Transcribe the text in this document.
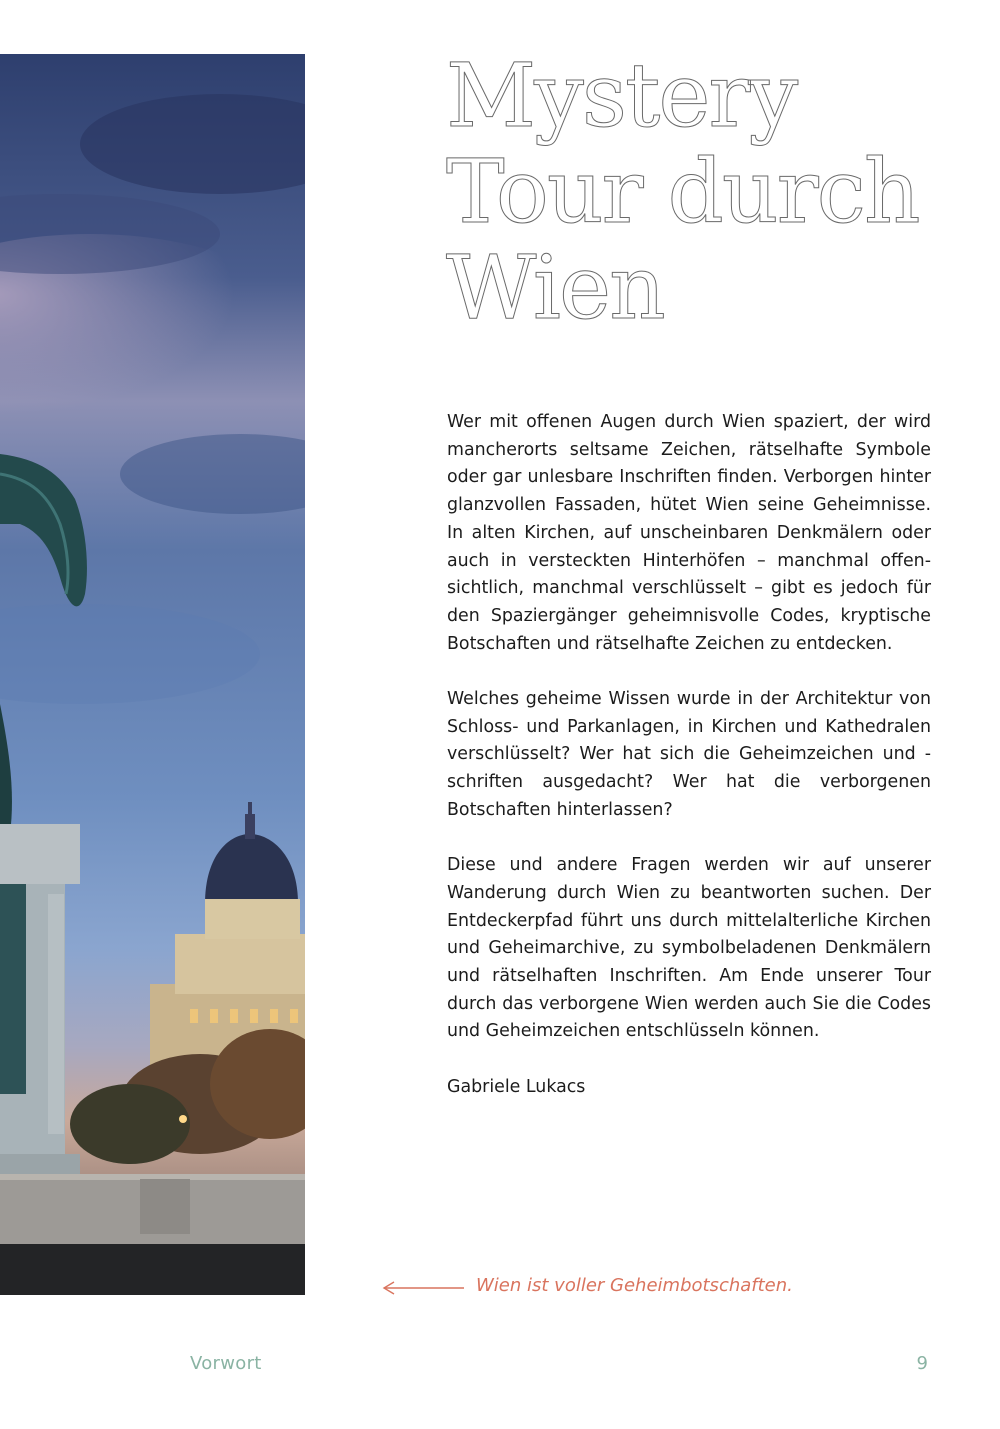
Mystery
Tour durch
Wien

Wer mit offenen Augen durch Wien spaziert, der wird mancherorts seltsame Zeichen, rätselhafte Symbole oder gar unlesbare Inschriften finden. Verborgen hinter glanzvollen Fassaden, hütet Wien seine Geheimnisse. In alten Kirchen, auf unscheinbaren Denkmälern oder auch in versteckten Hinterhöfen – manchmal offensichtlich, manchmal verschlüsselt – gibt es jedoch für den Spaziergänger geheimnisvolle Codes, kryptische Botschaften und rätselhafte Zeichen zu entdecken.

Welches geheime Wissen wurde in der Architektur von Schloss- und Parkanlagen, in Kirchen und Kathedralen verschlüsselt? Wer hat sich die Geheimzeichen und -schriften ausgedacht? Wer hat die verborgenen Botschaften hinterlassen?

Diese und andere Fragen werden wir auf unserer Wanderung durch Wien zu beantworten suchen. Der Entdeckerpfad führt uns durch mittelalterliche Kirchen und Geheimarchive, zu symbolbeladenen Denkmälern und rätselhaften Inschriften. Am Ende unserer Tour durch das verborgene Wien werden auch Sie die Codes und Geheimzeichen entschlüsseln können.

Gabriele Lukacs

Wien ist voller Geheimbotschaften.
Vorwort	9
